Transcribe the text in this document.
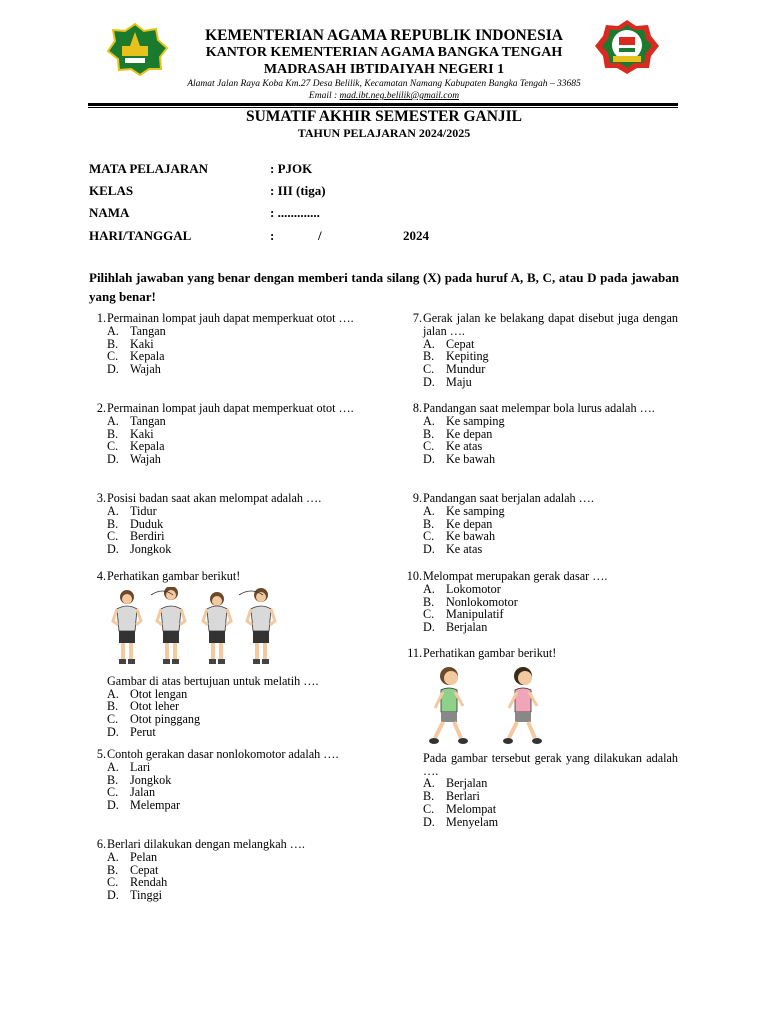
KEMENTERIAN AGAMA REPUBLIK INDONESIA
KANTOR KEMENTERIAN AGAMA BANGKA TENGAH
MADRASAH IBTIDAIYAH NEGERI 1
Alamat Jalan Raya Koba Km.27 Desa Belilik, Kecamatan Namang Kabupaten Bangka Tengah – 33685
Email : mad.ibt.neg.belilik@gmail.com
SUMATIF AKHIR SEMESTER GANJIL
TAHUN PELAJARAN 2024/2025
MATA PELAJARAN	: PJOK
KELAS	: III (tiga)
NAMA	: .............
HARI/TANGGAL	:	/	2024
Pilihlah jawaban yang benar dengan memberi tanda silang (X) pada huruf A, B, C, atau D pada jawaban yang benar!
1. Permainan lompat jauh dapat memperkuat otot ….
A. Tangan
B. Kaki
C. Kepala
D. Wajah
2. Permainan lompat jauh dapat memperkuat otot ….
A. Tangan
B. Kaki
C. Kepala
D. Wajah
3. Posisi badan saat akan melompat adalah ….
A. Tidur
B. Duduk
C. Berdiri
D. Jongkok
4. Perhatikan gambar berikut!
Gambar di atas bertujuan untuk melatih ….
A. Otot lengan
B. Otot leher
C. Otot pinggang
D. Perut
5. Contoh gerakan dasar nonlokomotor adalah ….
A. Lari
B. Jongkok
C. Jalan
D. Melempar
6. Berlari dilakukan dengan melangkah ….
A. Pelan
B. Cepat
C. Rendah
D. Tinggi
7. Gerak jalan ke belakang dapat disebut juga dengan jalan ….
A. Cepat
B. Kepiting
C. Mundur
D. Maju
8. Pandangan saat melempar bola lurus adalah ….
A. Ke samping
B. Ke depan
C. Ke atas
D. Ke bawah
9. Pandangan saat berjalan adalah ….
A. Ke samping
B. Ke depan
C. Ke bawah
D. Ke atas
10. Melompat merupakan gerak dasar ….
A. Lokomotor
B. Nonlokomotor
C. Manipulatif
D. Berjalan
11. Perhatikan gambar berikut!
Pada gambar tersebut gerak yang dilakukan adalah ….
A. Berjalan
B. Berlari
C. Melompat
D. Menyelam
